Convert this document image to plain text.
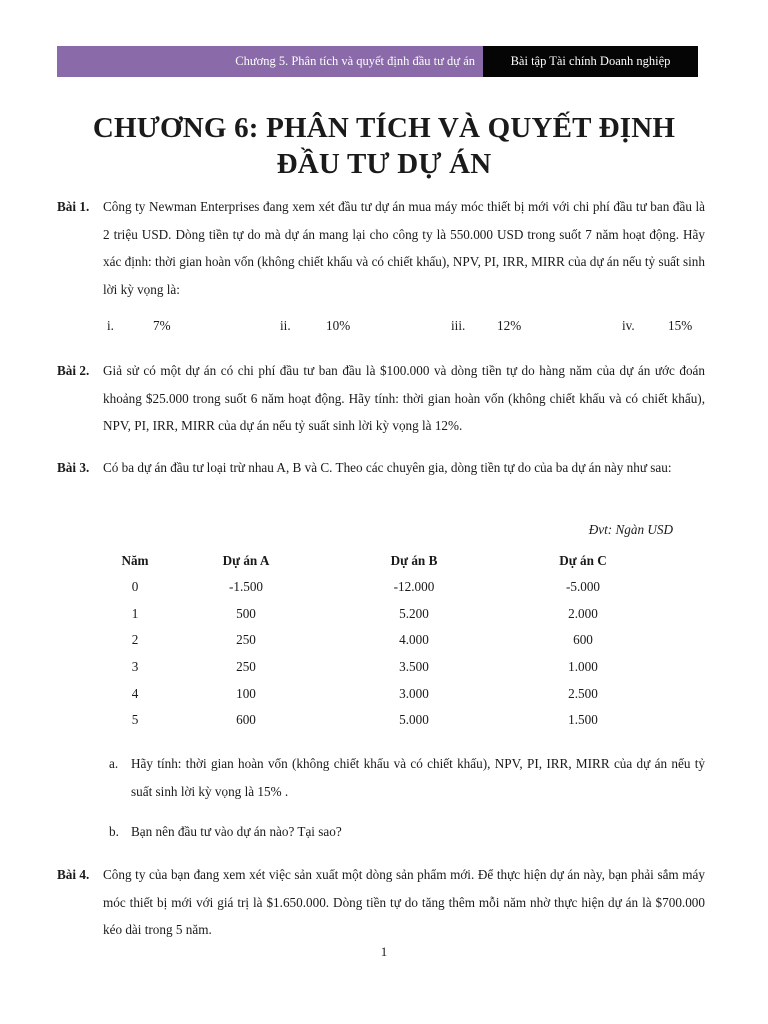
Chương 5. Phân tích và quyết định đầu tư dự án	Bài tập Tài chính Doanh nghiệp
CHƯƠNG 6: PHÂN TÍCH VÀ QUYẾT ĐỊNH
ĐẦU TƯ DỰ ÁN
Bài 1. Công ty Newman Enterprises đang xem xét đầu tư dự án mua máy móc thiết bị mới với chi phí đầu tư ban đầu là 2 triệu USD. Dòng tiền tự do mà dự án mang lại cho công ty là 550.000 USD trong suốt 7 năm hoạt động. Hãy xác định: thời gian hoàn vốn (không chiết khấu và có chiết khấu), NPV, PI, IRR, MIRR của dự án nếu tỷ suất sinh lời kỳ vọng là:
i.	7%	ii.	10%	iii. 12%	iv.	15%
Bài 2. Giả sử có một dự án có chi phí đầu tư ban đầu là $100.000 và dòng tiền tự do hàng năm của dự án ước đoán khoảng $25.000 trong suốt 6 năm hoạt động. Hãy tính: thời gian hoàn vốn (không chiết khấu và có chiết khấu), NPV, PI, IRR, MIRR của dự án nếu tỷ suất sinh lời kỳ vọng là 12%.
Bài 3. Có ba dự án đầu tư loại trừ nhau A, B và C. Theo các chuyên gia, dòng tiền tự do của ba dự án này như sau:
Đvt: Ngàn USD
Năm	Dự án A	Dự án B	Dự án C
0	-1.500	-12.000	-5.000
1	500	5.200	2.000
2	250	4.000	600
3	250	3.500	1.000
4	100	3.000	2.500
5	600	5.000	1.500
a. Hãy tính: thời gian hoàn vốn (không chiết khấu và có chiết khấu), NPV, PI, IRR, MIRR của dự án nếu tỷ suất sinh lời kỳ vọng là 15% .
b. Bạn nên đầu tư vào dự án nào? Tại sao?
Bài 4. Công ty của bạn đang xem xét việc sản xuất một dòng sản phẩm mới. Để thực hiện dự án này, bạn phải sắm máy móc thiết bị mới với giá trị là $1.650.000. Dòng tiền tự do tăng thêm mỗi năm nhờ thực hiện dự án là $700.000 kéo dài trong 5 năm.
1
